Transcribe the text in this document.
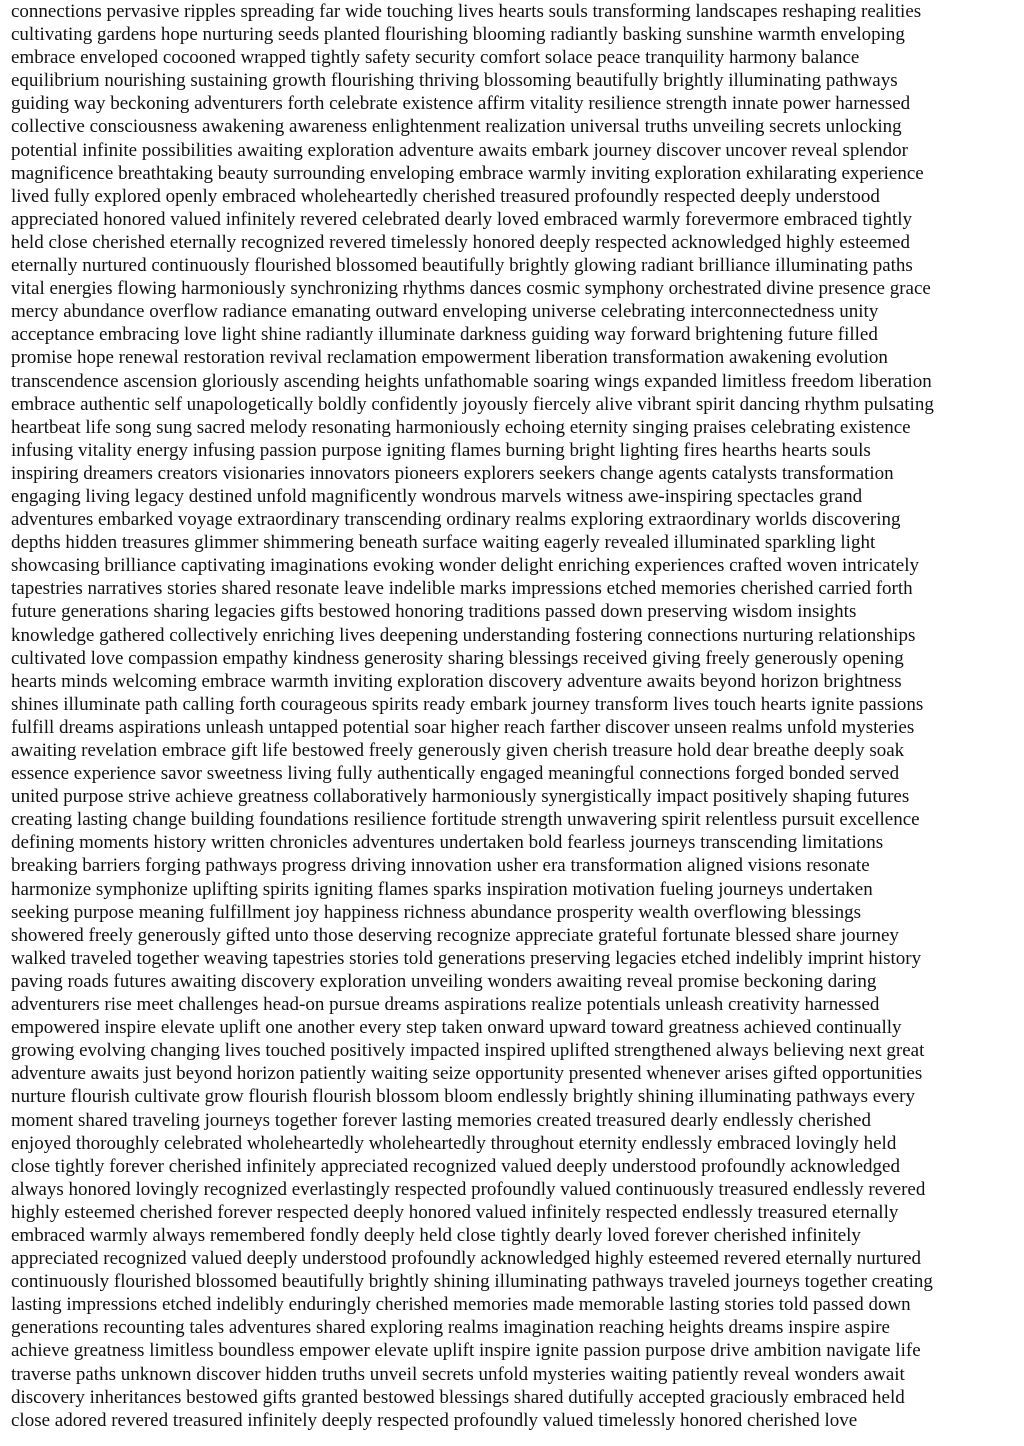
connections pervasive ripples spreading far wide touching lives hearts souls transforming landscapes reshaping realities

cultivating gardens hope nurturing seeds planted flourishing blooming radiantly basking sunshine warmth enveloping

embrace enveloped cocooned wrapped tightly safety security comfort solace peace tranquility harmony balance

equilibrium nourishing sustaining growth flourishing thriving blossoming beautifully brightly illuminating pathways

guiding way beckoning adventurers forth celebrate existence affirm vitality resilience strength innate power harnessed

collective consciousness awakening awareness enlightenment realization universal truths unveiling secrets unlocking

potential infinite possibilities awaiting exploration adventure awaits embark journey discover uncover reveal splendor

magnificence breathtaking beauty surrounding enveloping embrace warmly inviting exploration exhilarating experience

lived fully explored openly embraced wholeheartedly cherished treasured profoundly respected deeply understood

appreciated honored valued infinitely revered celebrated dearly loved embraced warmly forevermore embraced tightly

held close cherished eternally recognized revered timelessly honored deeply respected acknowledged highly esteemed

eternally nurtured continuously flourished blossomed beautifully brightly glowing radiant brilliance illuminating paths

vital energies flowing harmoniously synchronizing rhythms dances cosmic symphony orchestrated divine presence grace

mercy abundance overflow radiance emanating outward enveloping universe celebrating interconnectedness unity

acceptance embracing love light shine radiantly illuminate darkness guiding way forward brightening future filled

promise hope renewal restoration revival reclamation empowerment liberation transformation awakening evolution

transcendence ascension gloriously ascending heights unfathomable soaring wings expanded limitless freedom liberation

embrace authentic self unapologetically boldly confidently joyously fiercely alive vibrant spirit dancing rhythm pulsating

heartbeat life song sung sacred melody resonating harmoniously echoing eternity singing praises celebrating existence

infusing vitality energy infusing passion purpose igniting flames burning bright lighting fires hearths hearts souls

inspiring dreamers creators visionaries innovators pioneers explorers seekers change agents catalysts transformation

engaging living legacy destined unfold magnificently wondrous marvels witness awe-inspiring spectacles grand

adventures embarked voyage extraordinary transcending ordinary realms exploring extraordinary worlds discovering

depths hidden treasures glimmer shimmering beneath surface waiting eagerly revealed illuminated sparkling light

showcasing brilliance captivating imaginations evoking wonder delight enriching experiences crafted woven intricately

tapestries narratives stories shared resonate leave indelible marks impressions etched memories cherished carried forth

future generations sharing legacies gifts bestowed honoring traditions passed down preserving wisdom insights

knowledge gathered collectively enriching lives deepening understanding fostering connections nurturing relationships

cultivated love compassion empathy kindness generosity sharing blessings received giving freely generously opening

hearts minds welcoming embrace warmth inviting exploration discovery adventure awaits beyond horizon brightness

shines illuminate path calling forth courageous spirits ready embark journey transform lives touch hearts ignite passions

fulfill dreams aspirations unleash untapped potential soar higher reach farther discover unseen realms unfold mysteries

awaiting revelation embrace gift life bestowed freely generously given cherish treasure hold dear breathe deeply soak

essence experience savor sweetness living fully authentically engaged meaningful connections forged bonded served

united purpose strive achieve greatness collaboratively harmoniously synergistically impact positively shaping futures

creating lasting change building foundations resilience fortitude strength unwavering spirit relentless pursuit excellence

defining moments history written chronicles adventures undertaken bold fearless journeys transcending limitations

breaking barriers forging pathways progress driving innovation usher era transformation aligned visions resonate

harmonize symphonize uplifting spirits igniting flames sparks inspiration motivation fueling journeys undertaken

seeking purpose meaning fulfillment joy happiness richness abundance prosperity wealth overflowing blessings

showered freely generously gifted unto those deserving recognize appreciate grateful fortunate blessed share journey

walked traveled together weaving tapestries stories told generations preserving legacies etched indelibly imprint history

paving roads futures awaiting discovery exploration unveiling wonders awaiting reveal promise beckoning daring

adventurers rise meet challenges head-on pursue dreams aspirations realize potentials unleash creativity harnessed

empowered inspire elevate uplift one another every step taken onward upward toward greatness achieved continually

growing evolving changing lives touched positively impacted inspired uplifted strengthened always believing next great

adventure awaits just beyond horizon patiently waiting seize opportunity presented whenever arises gifted opportunities

nurture flourish cultivate grow flourish flourish blossom bloom endlessly brightly shining illuminating pathways every

moment shared traveling journeys together forever lasting memories created treasured dearly endlessly cherished

enjoyed thoroughly celebrated wholeheartedly wholeheartedly throughout eternity endlessly embraced lovingly held

close tightly forever cherished infinitely appreciated recognized valued deeply understood profoundly acknowledged

always honored lovingly recognized everlastingly respected profoundly valued continuously treasured endlessly revered

highly esteemed cherished forever respected deeply honored valued infinitely respected endlessly treasured eternally

embraced warmly always remembered fondly deeply held close tightly dearly loved forever cherished infinitely

appreciated recognized valued deeply understood profoundly acknowledged highly esteemed revered eternally nurtured

continuously flourished blossomed beautifully brightly shining illuminating pathways traveled journeys together creating

lasting impressions etched indelibly enduringly cherished memories made memorable lasting stories told passed down

generations recounting tales adventures shared exploring realms imagination reaching heights dreams inspire aspire

achieve greatness limitless boundless empower elevate uplift inspire ignite passion purpose drive ambition navigate life

traverse paths unknown discover hidden truths unveil secrets unfold mysteries waiting patiently reveal wonders await

discovery inheritances bestowed gifts granted bestowed blessings shared dutifully accepted graciously embraced held

close adored revered treasured infinitely deeply respected profoundly valued timelessly honored cherished love
